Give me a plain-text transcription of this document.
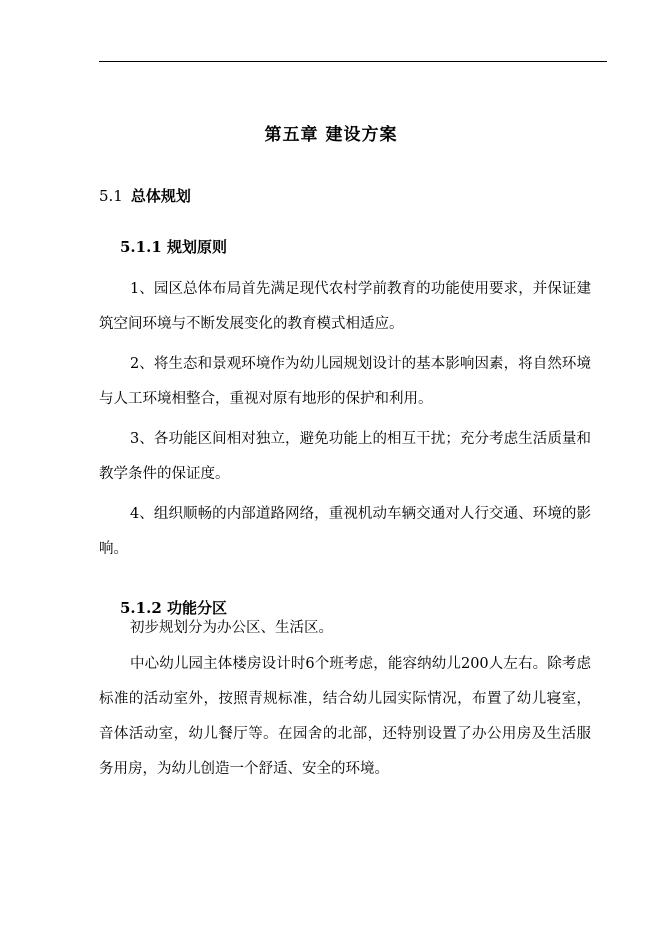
第五章 建设方案
5.1 总体规划
5.1.1 规划原则

1、园区总体布局首先满足现代农村学前教育的功能使用要求，并保证建筑空间环境与不断发展变化的教育模式相适应。

2、将生态和景观环境作为幼儿园规划设计的基本影响因素，将自然环境与人工环境相整合，重视对原有地形的保护和利用。

3、各功能区间相对独立，避免功能上的相互干扰；充分考虑生活质量和教学条件的保证度。

4、组织顺畅的内部道路网络，重视机动车辆交通对人行交通、环境的影响。

5.1.2 功能分区

初步规划分为办公区、生活区。

中心幼儿园主体楼房设计时6个班考虑，能容纳幼儿200人左右。除考虑标准的活动室外，按照青规标准，结合幼儿园实际情况，布置了幼儿寝室，音体活动室，幼儿餐厅等。在园舍的北部，还特别设置了办公用房及生活服务用房，为幼儿创造一个舒适、安全的环境。
